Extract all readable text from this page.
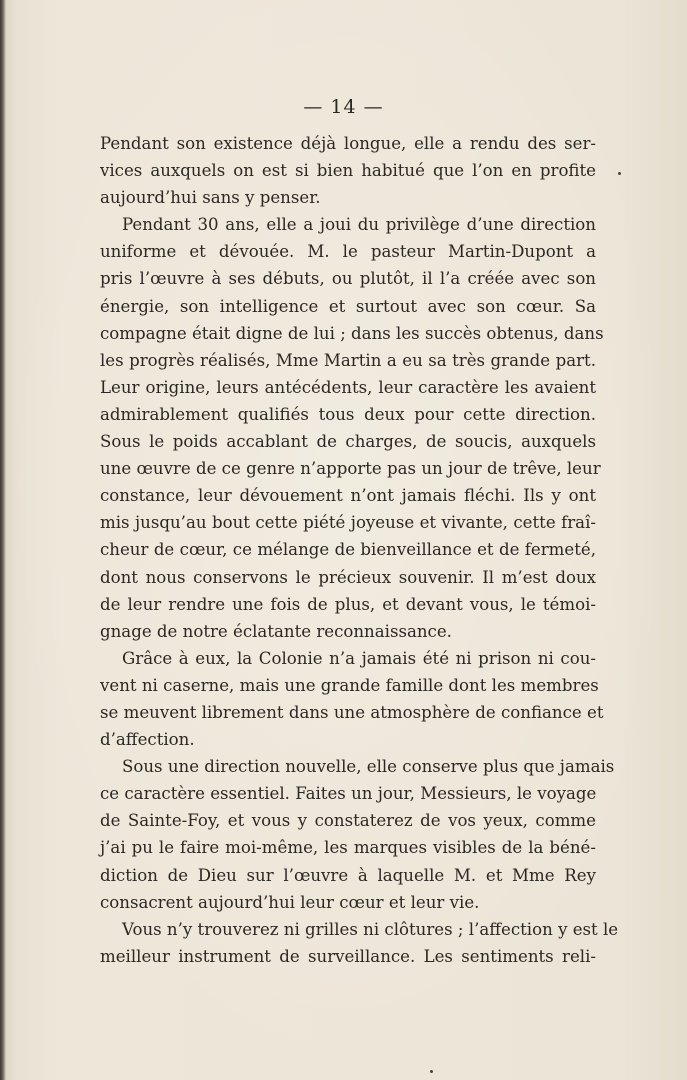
— 14 —
Pendant son existence déjà longue, elle a rendu des ser-
vices auxquels on est si bien habitué que l’on en profite
aujourd’hui sans y penser.
Pendant 30 ans, elle a joui du privilège d’une direction
uniforme et dévouée. M. le pasteur Martin-Dupont a
pris l’œuvre à ses débuts, ou plutôt, il l’a créée avec son
énergie, son intelligence et surtout avec son cœur. Sa
compagne était digne de lui ; dans les succès obtenus, dans
les progrès réalisés, Mme Martin a eu sa très grande part.
Leur origine, leurs antécédents, leur caractère les avaient
admirablement qualifiés tous deux pour cette direction.
Sous le poids accablant de charges, de soucis, auxquels
une œuvre de ce genre n’apporte pas un jour de trêve, leur
constance, leur dévouement n’ont jamais fléchi. Ils y ont
mis jusqu’au bout cette piété joyeuse et vivante, cette fraî-
cheur de cœur, ce mélange de bienveillance et de fermeté,
dont nous conservons le précieux souvenir. Il m’est doux
de leur rendre une fois de plus, et devant vous, le témoi-
gnage de notre éclatante reconnaissance.
Grâce à eux, la Colonie n’a jamais été ni prison ni cou-
vent ni caserne, mais une grande famille dont les membres
se meuvent librement dans une atmosphère de confiance et
d’affection.
Sous une direction nouvelle, elle conserve plus que jamais
ce caractère essentiel. Faites un jour, Messieurs, le voyage
de Sainte-Foy, et vous y constaterez de vos yeux, comme
j’ai pu le faire moi-même, les marques visibles de la béné-
diction de Dieu sur l’œuvre à laquelle M. et Mme Rey
consacrent aujourd’hui leur cœur et leur vie.
Vous n’y trouverez ni grilles ni clôtures ; l’affection y est le
meilleur instrument de surveillance. Les sentiments reli-
